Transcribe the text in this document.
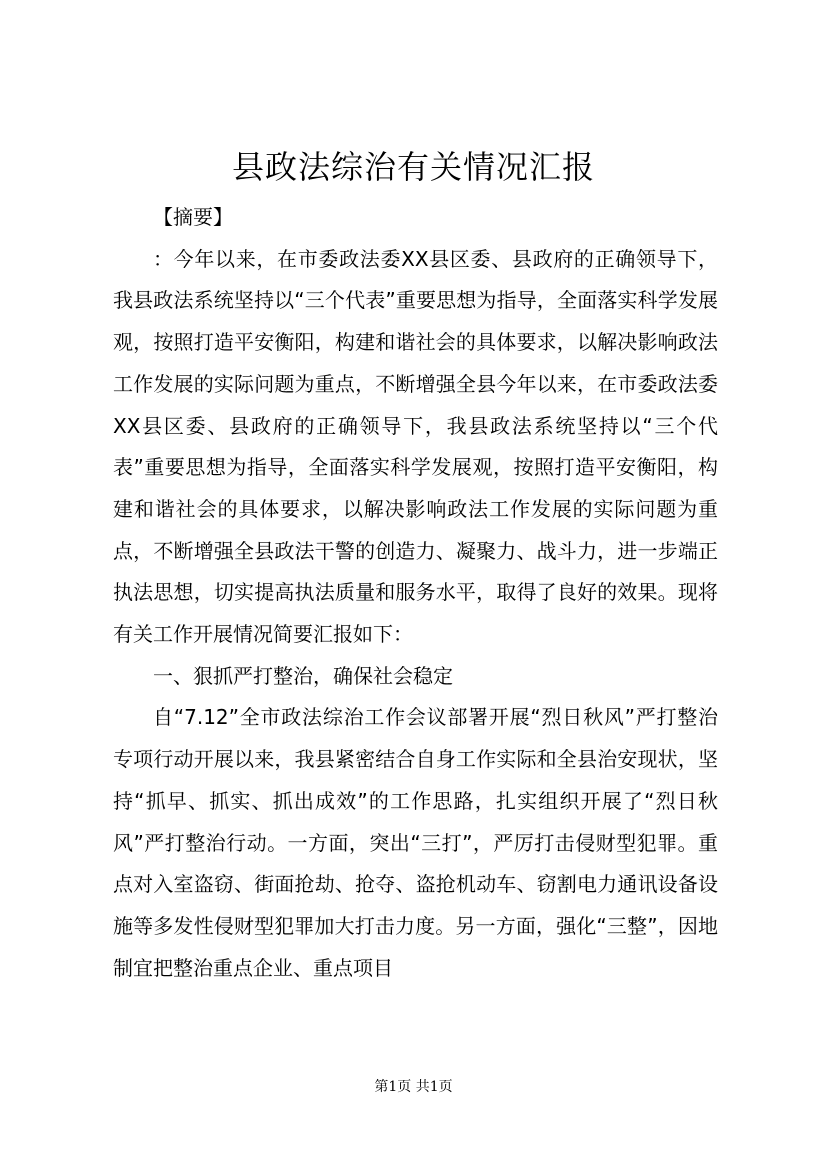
县政法综治有关情况汇报

【摘要】

：今年以来，在市委政法委XX县区委、县政府的正确领导下，我县政法系统坚持以“三个代表”重要思想为指导，全面落实科学发展观，按照打造平安衡阳，构建和谐社会的具体要求，以解决影响政法工作发展的实际问题为重点，不断增强全县今年以来，在市委政法委XX县区委、县政府的正确领导下，我县政法系统坚持以“三个代表”重要思想为指导，全面落实科学发展观，按照打造平安衡阳，构建和谐社会的具体要求，以解决影响政法工作发展的实际问题为重点，不断增强全县政法干警的创造力、凝聚力、战斗力，进一步端正执法思想，切实提高执法质量和服务水平，取得了良好的效果。现将有关工作开展情况简要汇报如下：

一、狠抓严打整治，确保社会稳定

自“7.12”全市政法综治工作会议部署开展“烈日秋风”严打整治专项行动开展以来，我县紧密结合自身工作实际和全县治安现状，坚持“抓早、抓实、抓出成效”的工作思路，扎实组织开展了“烈日秋风”严打整治行动。一方面，突出“三打”，严厉打击侵财型犯罪。重点对入室盗窃、街面抢劫、抢夺、盗抢机动车、窃割电力通讯设备设施等多发性侵财型犯罪加大打击力度。另一方面，强化“三整”，因地制宜把整治重点企业、重点项目

第1页 共1页
